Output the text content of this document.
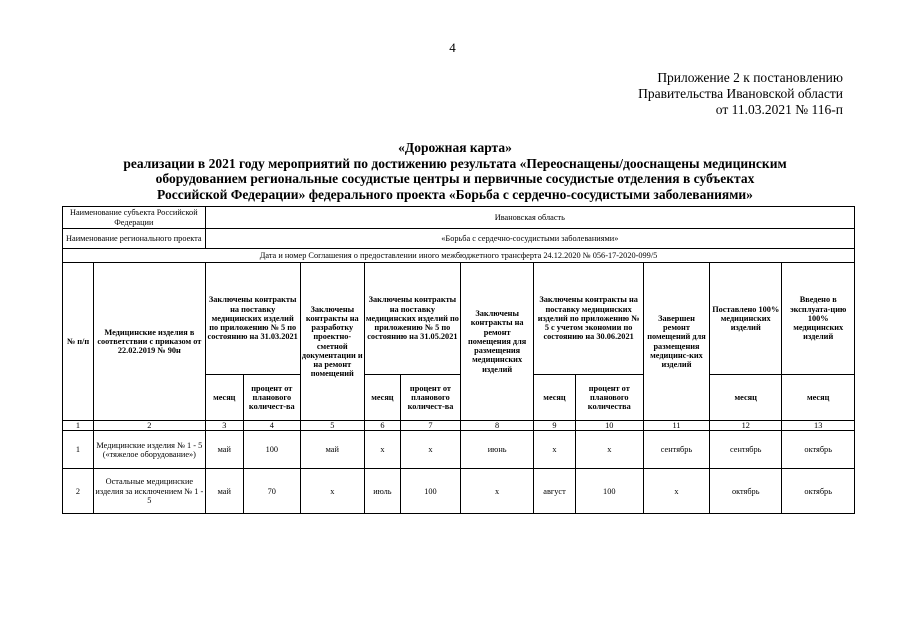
4
Приложение 2 к постановлению
Правительства Ивановской области
от 11.03.2021 № 116-п
«Дорожная карта»
реализации в 2021 году мероприятий по достижению результата «Переоснащены/дооснащены медицинским
оборудованием региональные сосудистые центры и первичные сосудистые отделения в субъектах
Российской Федерации» федерального проекта «Борьба с сердечно-сосудистыми заболеваниями»
Наименование субъекта Российской Федерации		Ивановская область										
Наименование регионального проекта		«Борьба с сердечно-сосудистыми заболеваниями»										
Дата и номер Соглашения о предоставлении иного межбюджетного трансферта 24.12.2020 № 056-17-2020-099/5												
№ п/п	Медицинские изделия в соответствии с приказом от 22.02.2019 № 90н	Заключены контракты на поставку медицинских изделий по приложению № 5 по состоянию на 31.03.2021		Заключены контракты на разработку проектно-сметной документации и на ремонт помещений	Заключены контракты на поставку медицинских изделий по приложению № 5 по состоянию на 31.05.2021		Заключены контракты на ремонт помещения для размещения медицинских изделий	Заключены контракты на поставку медицинских изделий по приложению № 5 с учетом экономии по состоянию на 30.06.2021		Завершен ремонт помещений для размещения медицинс-ких изделий	Поставлено 100% медицинских изделий	Введено в эксплуата-цию 100% медицинских изделий
		месяц	процент от планового количест-ва		месяц	процент от планового количест-ва		месяц	процент от планового количества		месяц	месяц
1	2	3	4	5	6	7	8	9	10	11	12	13
1	Медицинские изделия № 1 - 5 («тяжелое оборудование»)	май	100	май	х	х	июнь	х	х	сентябрь	сентябрь	октябрь
2	Остальные медицинские изделия за исключением № 1 - 5	май	70	х	июль	100	х	август	100	х	октябрь	октябрь
